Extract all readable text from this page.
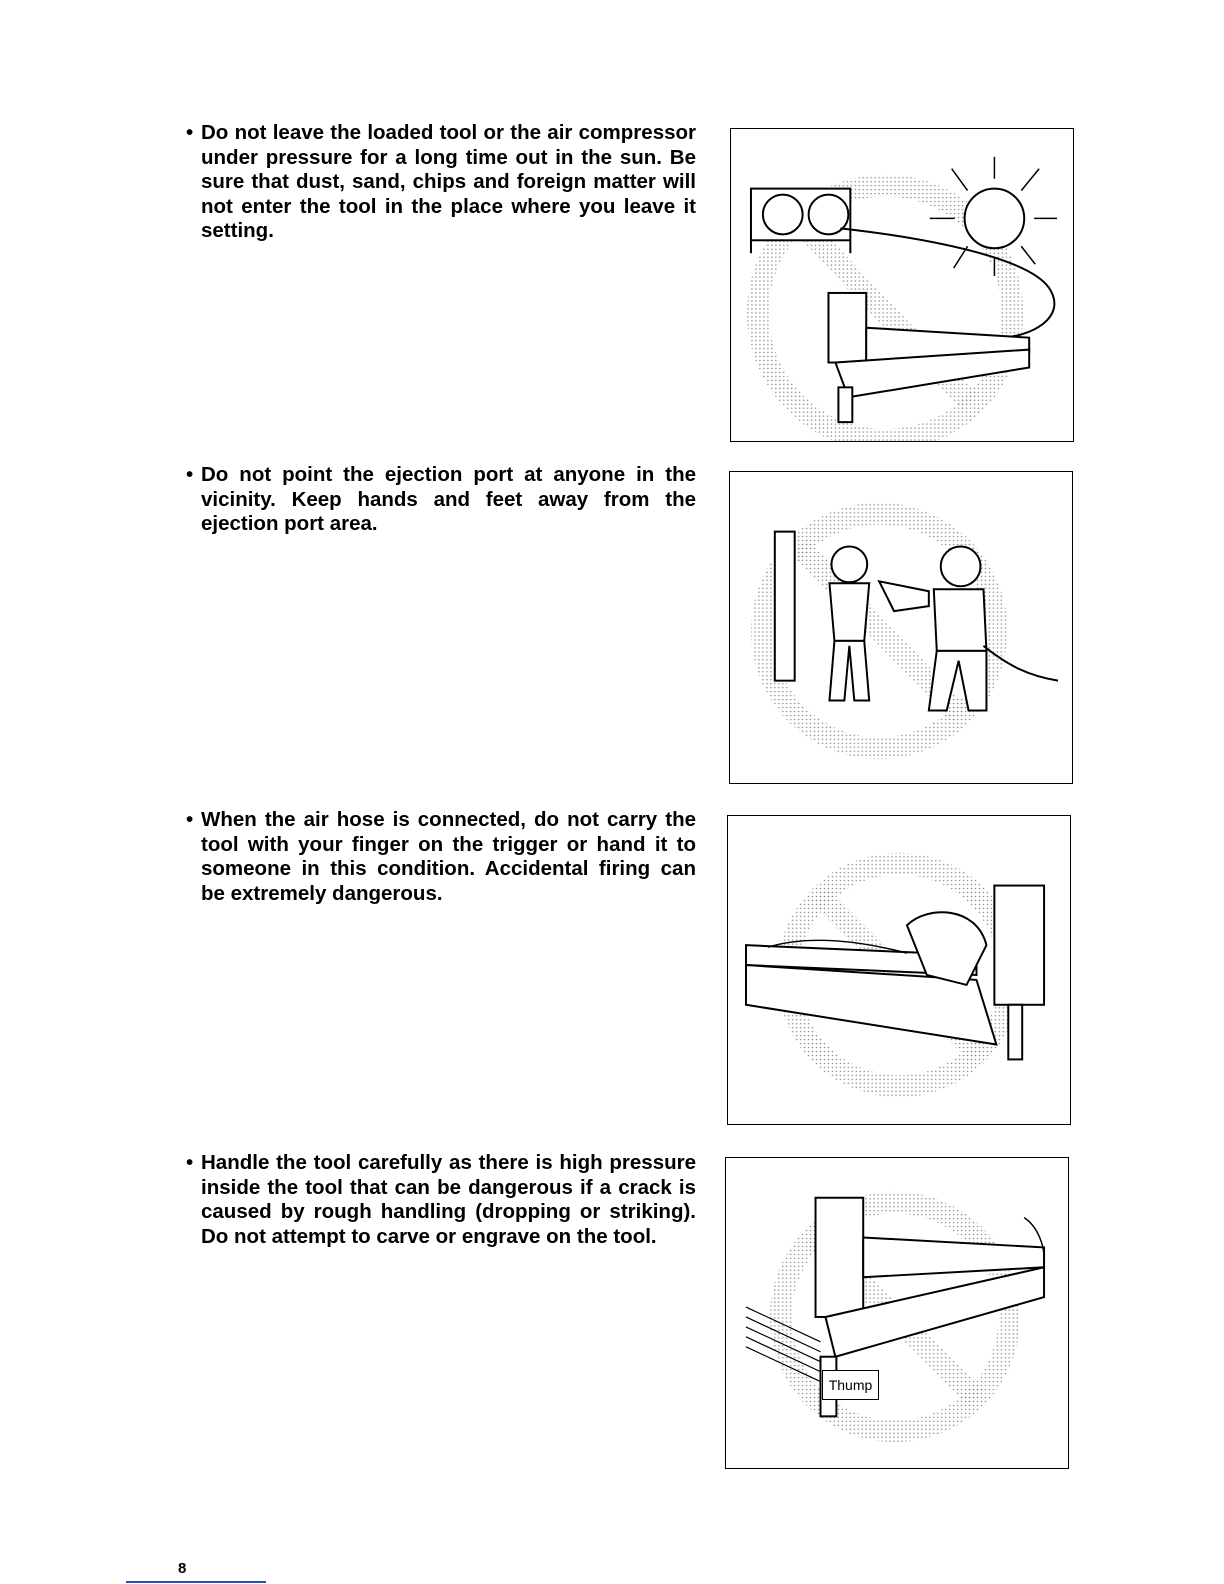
• Do not leave the loaded tool or the air compressor under pressure for a long time out in the sun. Be sure that dust, sand, chips and foreign matter will not enter the tool in the place where you leave it setting.
• Do not point the ejection port at anyone in the vicinity. Keep hands and feet away from the ejection port area.
• When the air hose is connected, do not carry the tool with your finger on the trigger or hand it to someone in this condition. Accidental firing can be extremely dangerous.
• Handle the tool carefully as there is high pressure inside the tool that can be dangerous if a crack is caused by rough handling (dropping or striking). Do not attempt to carve or engrave on the tool.
Thump
8
